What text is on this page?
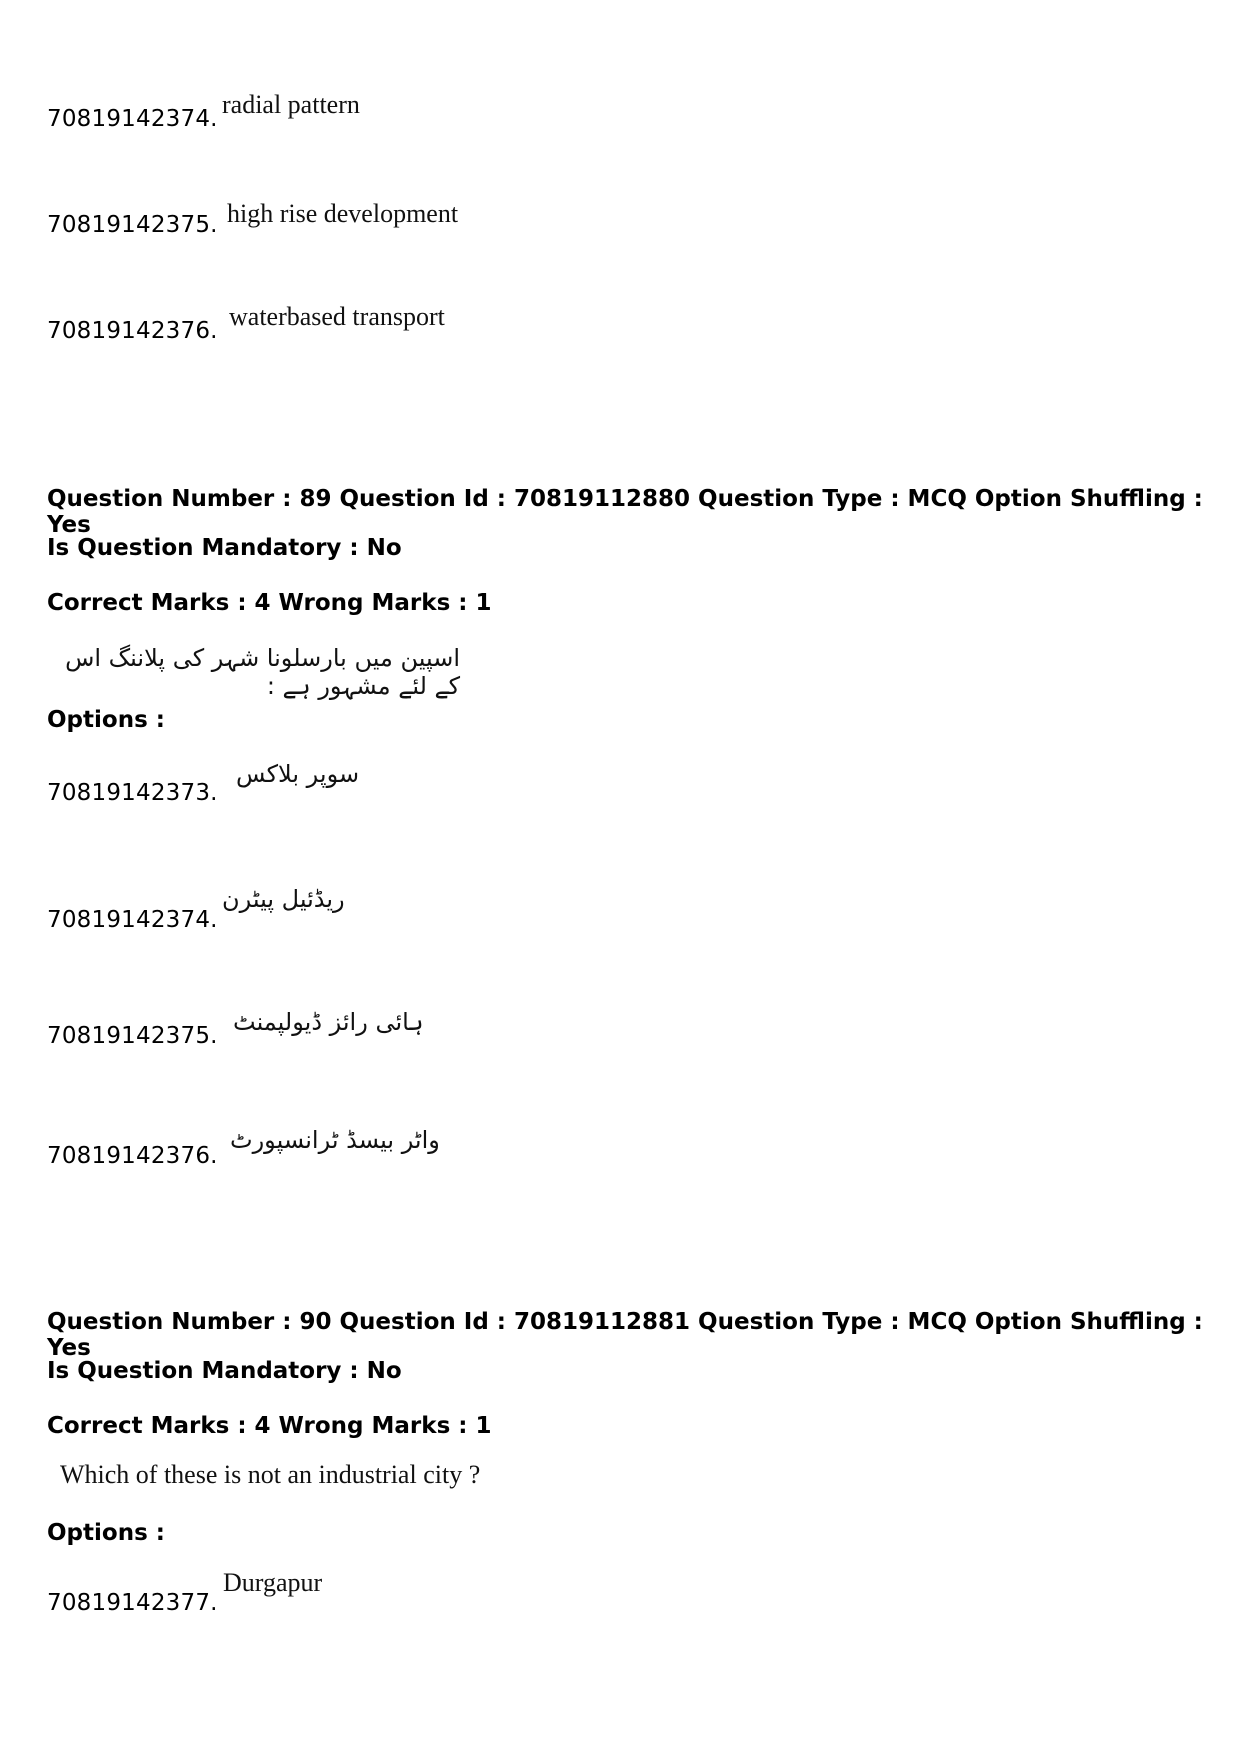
70819142374. radial pattern
70819142375. high rise development
70819142376. waterbased transport
Question Number : 89 Question Id : 70819112880 Question Type : MCQ Option Shuffling : Yes
Is Question Mandatory : No
Correct Marks : 4 Wrong Marks : 1
اسپین میں بارسلونا شہر کی پلاننگ اس کے لئے مشہور ہے :
Options :
70819142373.
سوپر بلاکس
70819142374.
ریڈئیل پیٹرن
70819142375. ہائی رائز ڈیولپمنٹ
70819142376.
واٹر بیسڈ ٹرانسپورٹ
Question Number : 90 Question Id : 70819112881 Question Type : MCQ Option Shuffling : Yes
Is Question Mandatory : No
Correct Marks : 4 Wrong Marks : 1
Which of these is not an industrial city ?
Options :
70819142377.
Durgapur
